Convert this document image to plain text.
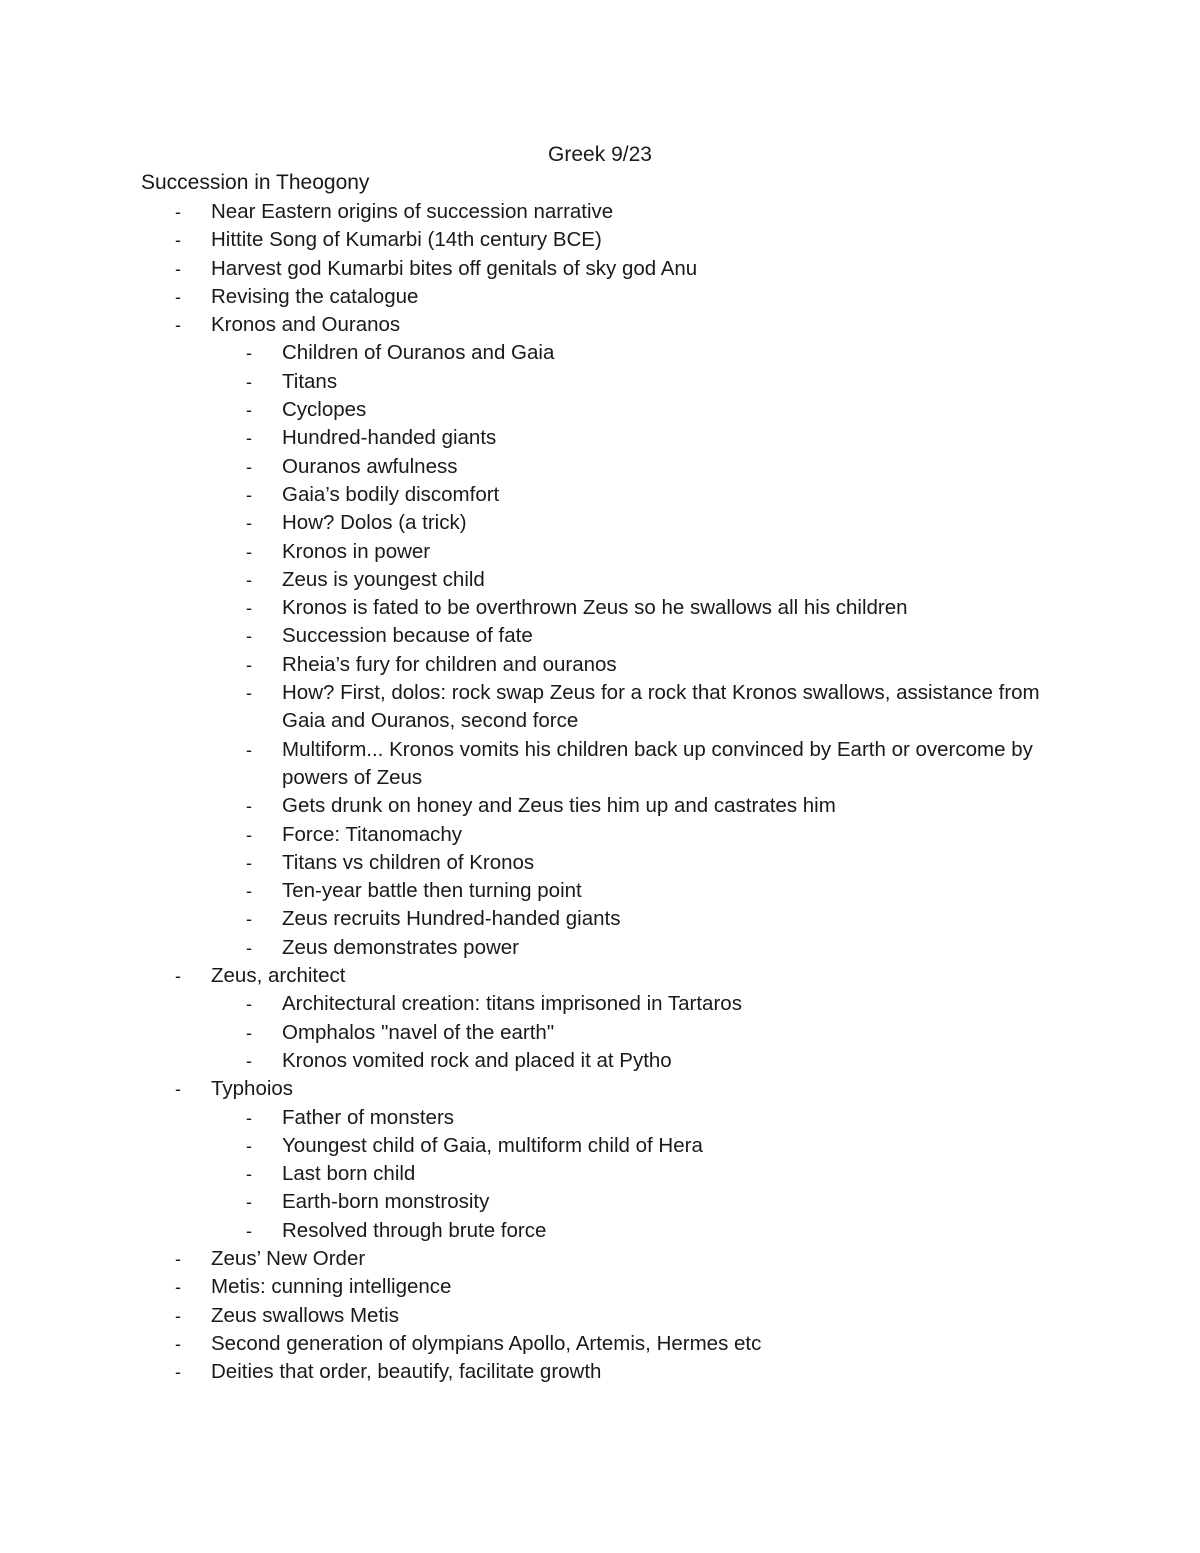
Greek 9/23
Succession in Theogony
- Near Eastern origins of succession narrative
- Hittite Song of Kumarbi (14th century BCE)
- Harvest god Kumarbi bites off genitals of sky god Anu
- Revising the catalogue
- Kronos and Ouranos
- Children of Ouranos and Gaia
- Titans
- Cyclopes
- Hundred-handed giants
- Ouranos awfulness
- Gaia’s bodily discomfort
- How? Dolos (a trick)
- Kronos in power
- Zeus is youngest child
- Kronos is fated to be overthrown Zeus so he swallows all his children
- Succession because of fate
- Rheia’s fury for children and ouranos
- How? First, dolos: rock swap Zeus for a rock that Kronos swallows, assistance from Gaia and Ouranos, second force
- Multiform... Kronos vomits his children back up convinced by Earth or overcome by powers of Zeus
- Gets drunk on honey and Zeus ties him up and castrates him
- Force: Titanomachy
- Titans vs children of Kronos
- Ten-year battle then turning point
- Zeus recruits Hundred-handed giants
- Zeus demonstrates power
- Zeus, architect
- Architectural creation: titans imprisoned in Tartaros
- Omphalos "navel of the earth"
- Kronos vomited rock and placed it at Pytho
- Typhoios
- Father of monsters
- Youngest child of Gaia, multiform child of Hera
- Last born child
- Earth-born monstrosity
- Resolved through brute force
- Zeus’ New Order
- Metis: cunning intelligence
- Zeus swallows Metis
- Second generation of olympians Apollo, Artemis, Hermes etc
- Deities that order, beautify, facilitate growth
